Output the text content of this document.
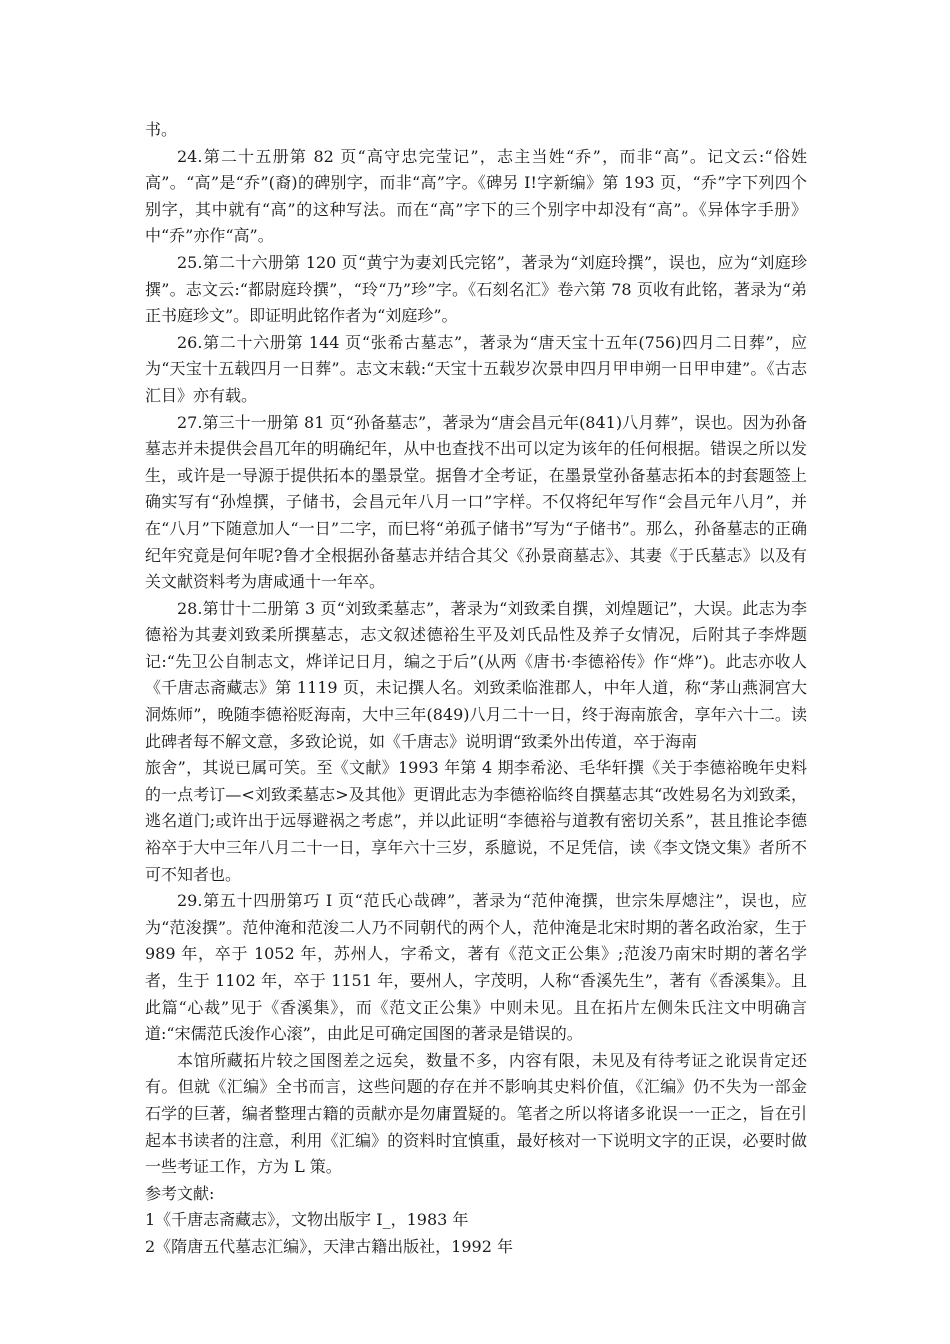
书。

24.第二十五册第 82 页“高守忠完莹记”，志主当姓“乔”，而非“高”。记文云:“俗姓高”。“高”是“乔”(裔)的碑别字，而非“高”字。《碑另 I!字新编》第 193 页，“乔”字下列四个别字，其中就有“高”的这种写法。而在“高”字下的三个别字中却没有“高”。《异体字手册》中“乔”亦作“高”。

25.第二十六册第 120 页“黄宁为妻刘氏完铭”，著录为“刘庭玲撰”，误也，应为“刘庭珍撰”。志文云:“都尉庭玲撰”，“玲“乃”珍”字。《石刻名汇》卷六第 78 页收有此铭，著录为“弟正书庭珍文”。即证明此铭作者为“刘庭珍”。

26.第二十六册第 144 页“张希古墓志”，著录为“唐天宝十五年(756)四月二日葬”，应为“天宝十五载四月一日葬”。志文末载:“天宝十五载岁次景申四月甲申朔一日甲申建”。《古志汇目》亦有载。

27.第三十一册第 81 页“孙备墓志”，著录为“唐会昌元年(841)八月葬”，误也。因为孙备墓志并未提供会昌兀年的明确纪年，从中也查找不出可以定为该年的任何根据。错误之所以发生，或许是一导源于提供拓本的墨景堂。据鲁才全考证，在墨景堂孙备墓志拓本的封套题签上确实写有“孙煌撰，子储书，会昌元年八月一口”字样。不仅将纪年写作“会昌元年八月”，并在“八月”下随意加人“一日”二字，而巳将“弟孤子储书”写为“子储书”。那么，孙备墓志的正确纪年究竟是何年呢?鲁才全根据孙备墓志并结合其父《孙景商墓志》、其妻《于氏墓志》以及有关文献资料考为唐咸通十一年卒。

28.第廿十二册第 3 页“刘致柔墓志”，著录为“刘致柔自撰，刘煌题记”，大误。此志为李德裕为其妻刘致柔所撰墓志，志文叙述德裕生平及刘氏品性及养子女情况，后附其子李烨题记:“先卫公自制志文，烨详记日月，编之于后”(从两《唐书·李德裕传》作“烨”)。此志亦收人《千唐志斋藏志》第 1119 页，未记撰人名。刘致柔临淮郡人，中年人道，称“茅山燕洞宫大洞炼师”，晚随李德裕贬海南，大中三年(849)八月二十一日，终于海南旅舍，享年六十二。读此碑者每不解文意，多致论说，如《千唐志》说明谓“致柔外出传道，卒于海南

旅舍”，其说已属可笑。至《文献》1993 年第 4 期李希泌、毛华轩撰《关于李德裕晚年史料的一点考订—<刘致柔墓志>及其他》更谓此志为李德裕临终自撰墓志其“改姓易名为刘致柔，逃名道门;或许出于远辱避祸之考虑”，并以此证明“李德裕与道教有密切关系”，甚且推论李德裕卒于大中三年八月二十一日，享年六十三岁，系臆说，不足凭信，读《李文饶文集》者所不可不知者也。

29.第五十四册第巧 I 页“范氏心哉碑”，著录为“范仲淹撰，世宗朱厚熜注”，误也，应为“范浚撰”。范仲淹和范浚二人乃不同朝代的两个人，范仲淹是北宋时期的著名政治家，生于 989 年，卒于 1052 年，苏州人，字希文，著有《范文正公集》;范浚乃南宋时期的著名学者，生于 1102 年，卒于 1151 年，要州人，字茂明，人称“香溪先生”，著有《香溪集》。且此篇“心裁”见于《香溪集》，而《范文正公集》中则未见。且在拓片左侧朱氏注文中明确言道:“宋儒范氏浚作心滚”，由此足可确定国图的著录是错误的。

本馆所藏拓片较之国图差之远矣，数量不多，内容有限，未见及有待考证之讹误肯定还有。但就《汇编》全书而言，这些问题的存在并不影响其史料价值，《汇编》仍不失为一部金石学的巨著，编者整理古籍的贡献亦是勿庸置疑的。笔者之所以将诸多讹误一一正之，旨在引起本书读者的注意，利用《汇编》的资料时宜慎重，最好核对一下说明文字的正误，必要时做一些考证工作，方为 L 策。

参考文献:

1《千唐志斋藏志》，文物出版宇 I_，1983 年

2《隋唐五代墓志汇编》，天津古籍出版社，1992 年
